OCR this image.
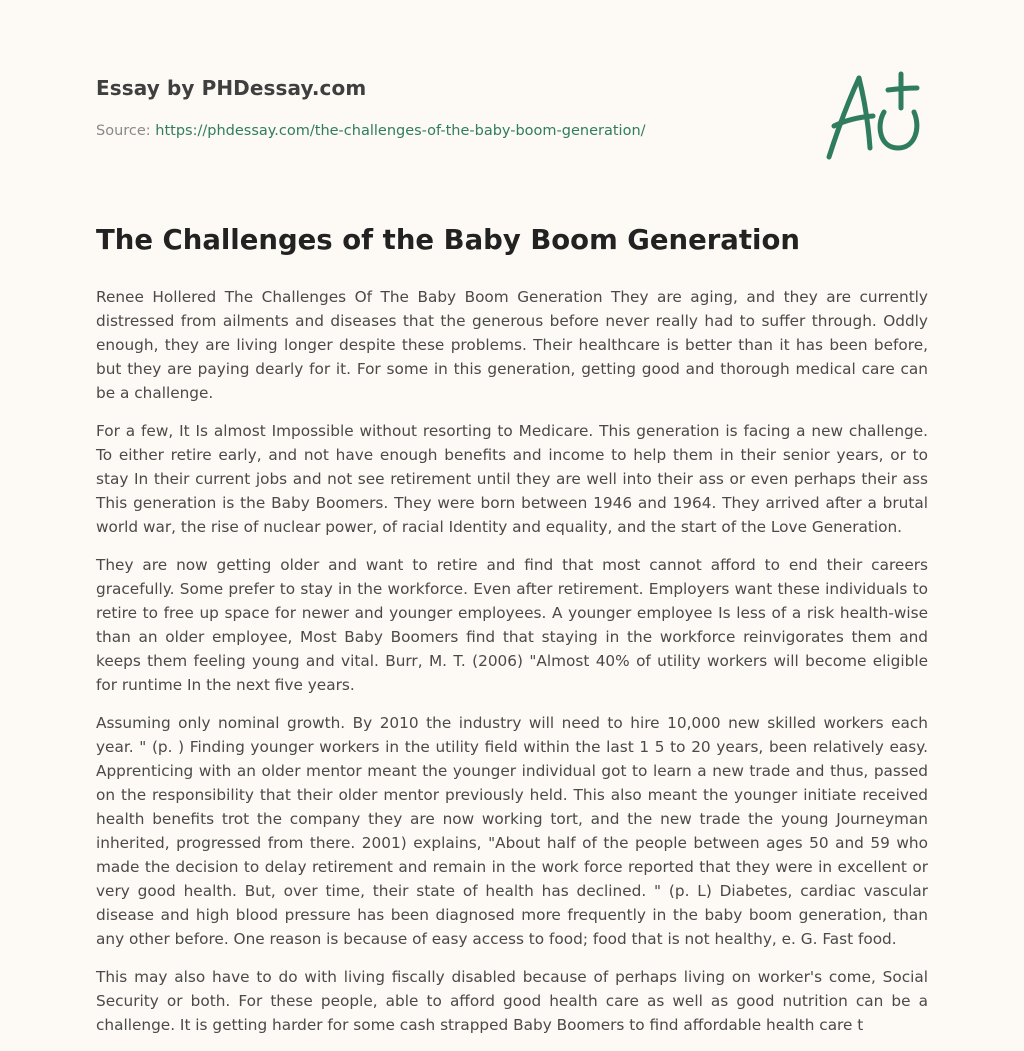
Essay by PHDessay.com

Source: https://phdessay.com/the-challenges-of-the-baby-boom-generation/

The Challenges of the Baby Boom Generation

Renee Hollered The Challenges Of The Baby Boom Generation They are aging, and they are currently distressed from ailments and diseases that the generous before never really had to suffer through. Oddly enough, they are living longer despite these problems. Their healthcare is better than it has been before, but they are paying dearly for it. For some in this generation, getting good and thorough medical care can be a challenge.

For a few, It Is almost Impossible without resorting to Medicare. This generation is facing a new challenge. To either retire early, and not have enough benefits and income to help them in their senior years, or to stay In their current jobs and not see retirement until they are well into their ass or even perhaps their ass This generation is the Baby Boomers. They were born between 1946 and 1964. They arrived after a brutal world war, the rise of nuclear power, of racial Identity and equality, and the start of the Love Generation.

They are now getting older and want to retire and find that most cannot afford to end their careers gracefully. Some prefer to stay in the workforce. Even after retirement. Employers want these individuals to retire to free up space for newer and younger employees. A younger employee Is less of a risk health-wise than an older employee, Most Baby Boomers find that staying in the workforce reinvigorates them and keeps them feeling young and vital. Burr, M. T. (2006) "Almost 40% of utility workers will become eligible for runtime In the next five years.

Assuming only nominal growth. By 2010 the industry will need to hire 10,000 new skilled workers each year. " (p. ) Finding younger workers in the utility field within the last 1 5 to 20 years, been relatively easy. Apprenticing with an older mentor meant the younger individual got to learn a new trade and thus, passed on the responsibility that their older mentor previously held. This also meant the younger initiate received health benefits trot the company they are now working tort, and the new trade the young Journeyman inherited, progressed from there. 2001) explains, "About half of the people between ages 50 and 59 who made the decision to delay retirement and remain in the work force reported that they were in excellent or very good health. But, over time, their state of health has declined. " (p. L) Diabetes, cardiac vascular disease and high blood pressure has been diagnosed more frequently in the baby boom generation, than any other before. One reason is because of easy access to food; food that is not healthy, e. G. Fast food.

This may also have to do with living fiscally disabled because of perhaps living on worker's come, Social Security or both. For these people, able to afford good health care as well as good nutrition can be a challenge. It is getting harder for some cash strapped Baby Boomers to find affordable health care t
